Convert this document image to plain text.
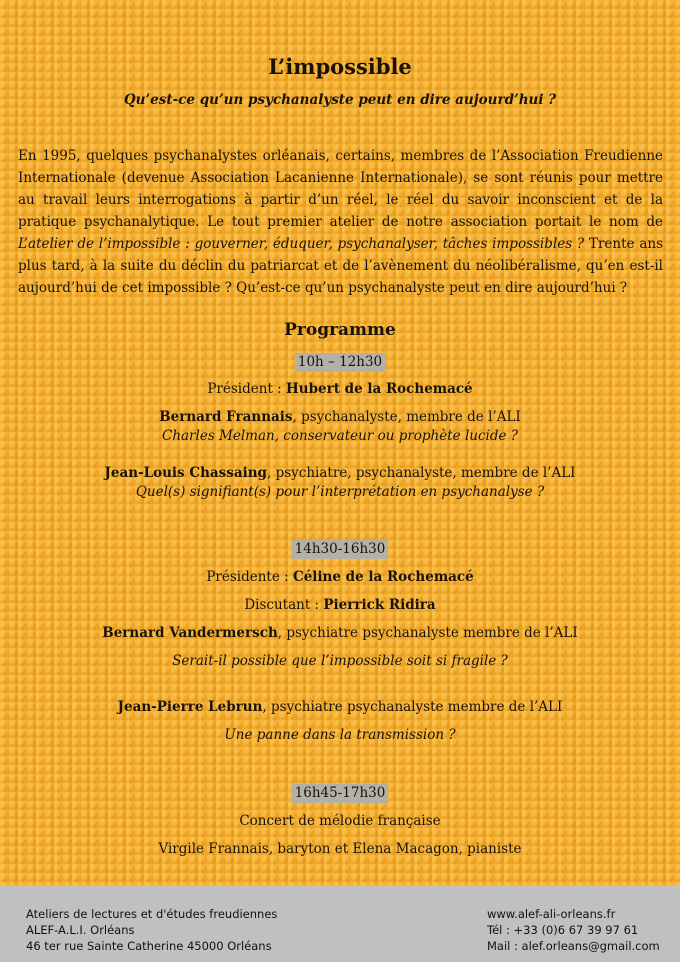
L’impossible
Qu’est-ce qu’un psychanalyste peut en dire aujourd’hui ?

En 1995, quelques psychanalystes orléanais, certains, membres de l’Association Freudienne Internationale (devenue Association Lacanienne Internationale), se sont réunis pour mettre au travail leurs interrogations à partir d’un réel, le réel du savoir inconscient et de la pratique psychanalytique. Le tout premier atelier de notre association portait le nom de L’atelier de l’impossible : gouverner, éduquer, psychanalyser, tâches impossibles ? Trente ans plus tard, à la suite du déclin du patriarcat et de l’avènement du néolibéralisme, qu’en est-il aujourd’hui de cet impossible ? Qu’est-ce qu’un psychanalyste peut en dire aujourd’hui ?

Programme
10h – 12h30
Président : Hubert de la Rochemacé
Bernard Frannais, psychanalyste, membre de l’ALI
Charles Melman, conservateur ou prophète lucide ?
Jean-Louis Chassaing, psychiatre, psychanalyste, membre de l’ALI
Quel(s) signifiant(s) pour l’interprétation en psychanalyse ?
14h30-16h30
Présidente : Céline de la Rochemacé
Discutant : Pierrick Ridira
Bernard Vandermersch, psychiatre psychanalyste membre de l’ALI
Serait-il possible que l’impossible soit si fragile ?
Jean-Pierre Lebrun, psychiatre psychanalyste membre de l’ALI
Une panne dans la transmission ?
16h45-17h30
Concert de mélodie française
Virgile Frannais, baryton et Elena Macagon, pianiste
Ateliers de lectures et d'études freudiennes
ALEF-A.L.I. Orléans
46 ter rue Sainte Catherine 45000 Orléans
www.alef-ali-orleans.fr
Tél : +33 (0)6 67 39 97 61
Mail : alef.orleans@gmail.com
